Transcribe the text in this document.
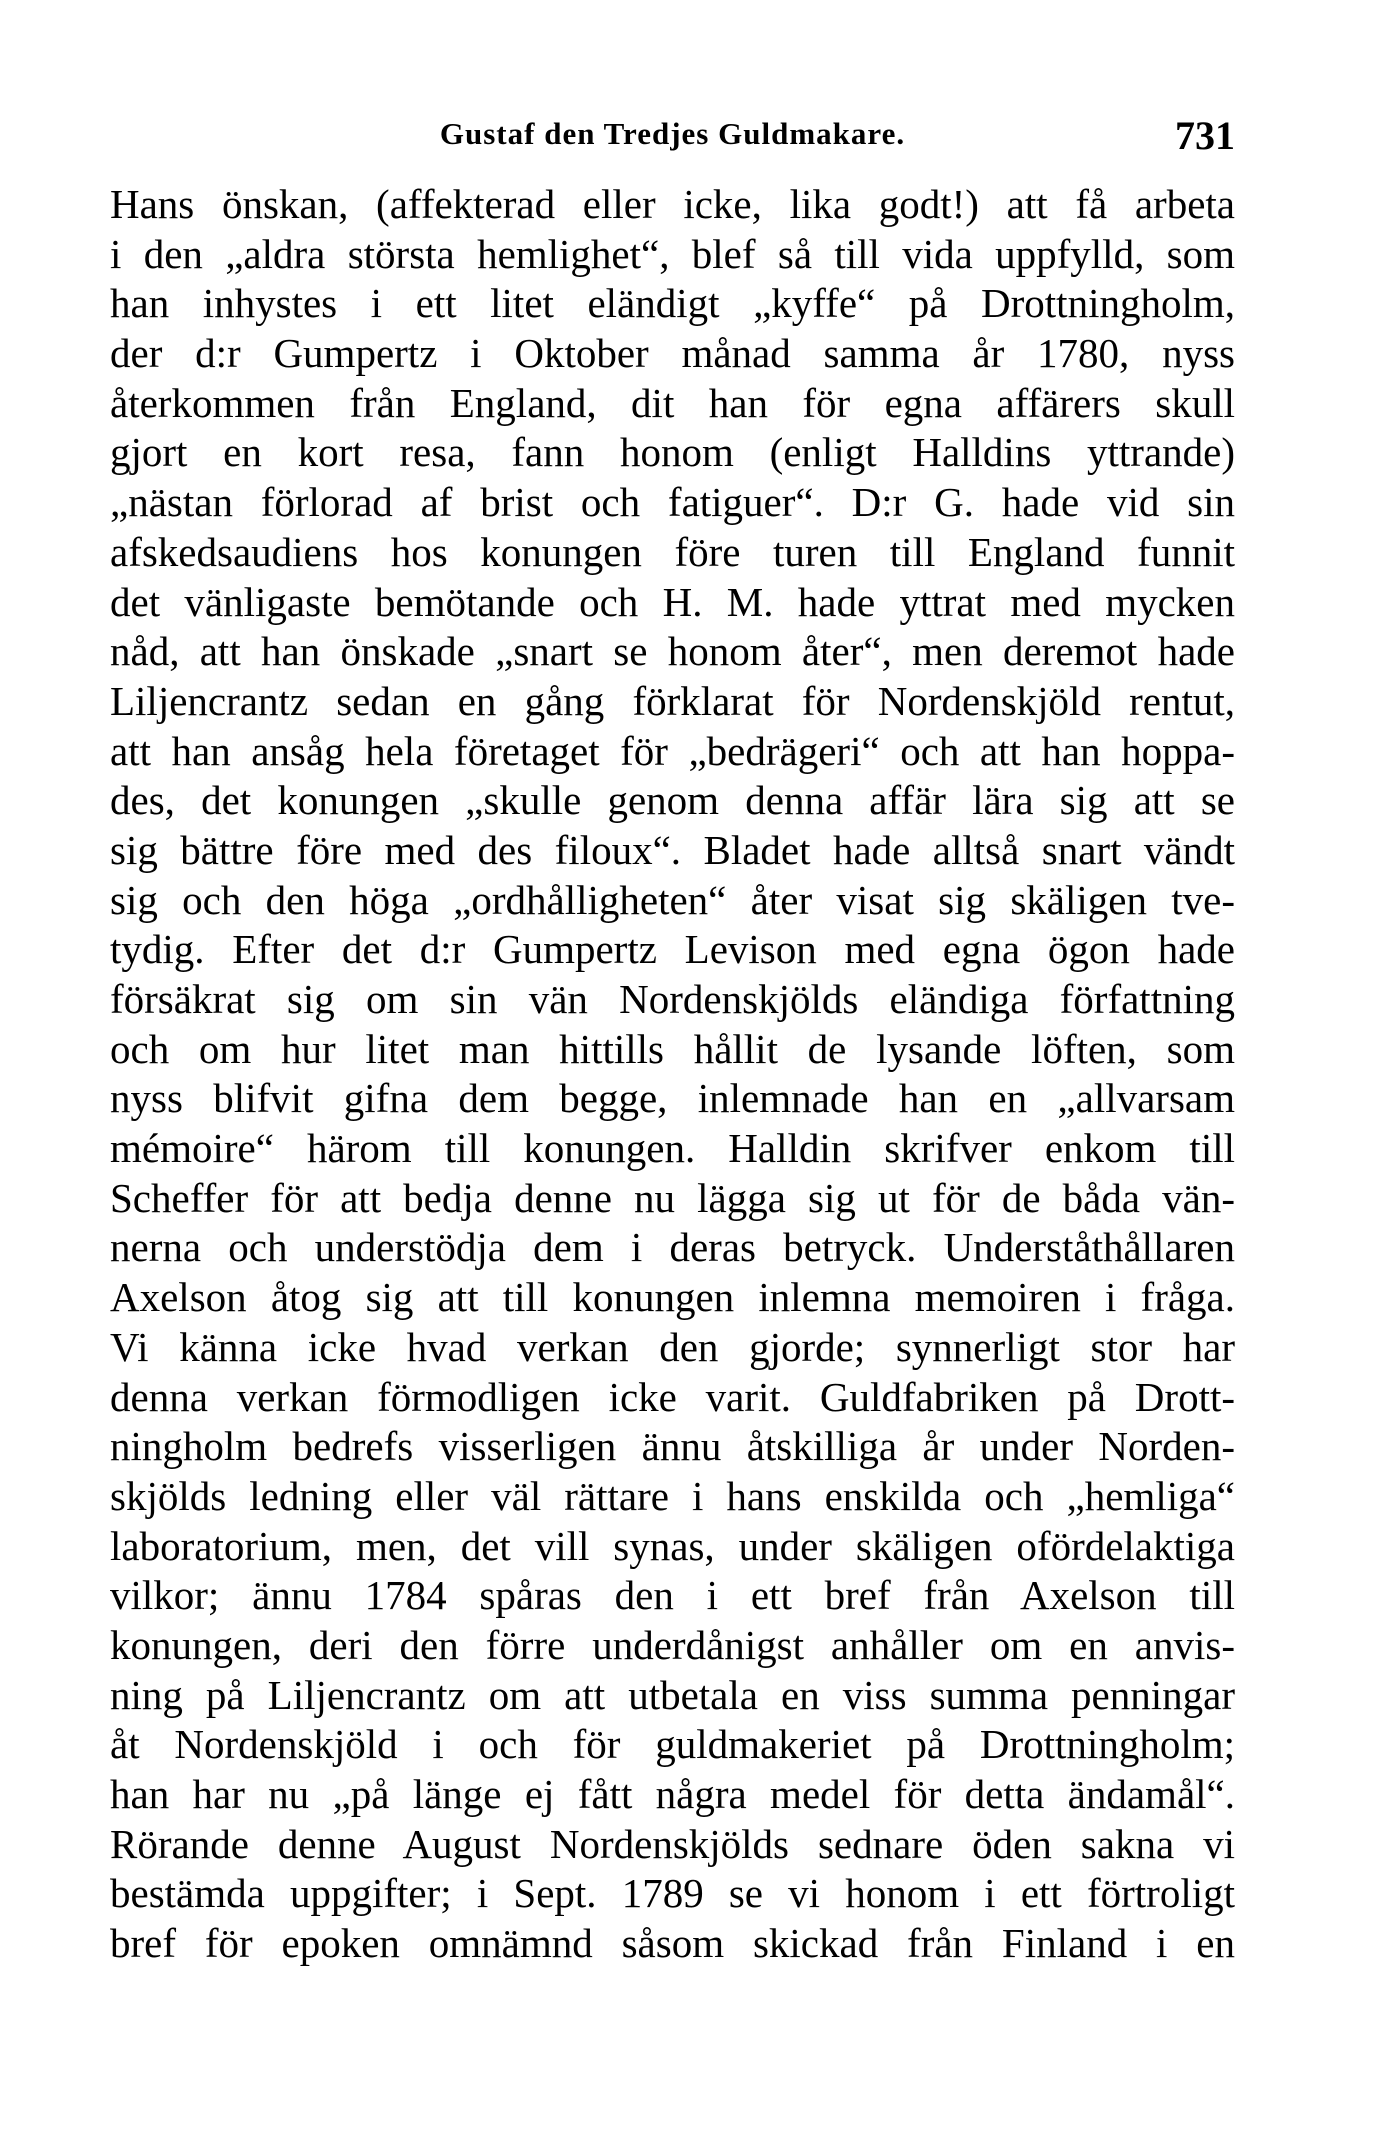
Gustaf den Tredjes Guldmakare.	731
Hans önskan, (affekterad eller icke, lika godt!) att få arbeta
i den „aldra största hemlighet“, blef så till vida uppfylld, som
han inhystes i ett litet eländigt „kyffe“ på Drottningholm,
der d:r Gumpertz i Oktober månad samma år 1780, nyss
återkommen från England, dit han för egna affärers skull
gjort en kort resa, fann honom (enligt Halldins yttrande)
„nästan förlorad af brist och fatiguer“. D:r G. hade vid sin
afskedsaudiens hos konungen före turen till England funnit
det vänligaste bemötande och H. M. hade yttrat med mycken
nåd, att han önskade „snart se honom åter“, men deremot hade
Liljencrantz sedan en gång förklarat för Nordenskjöld rentut,
att han ansåg hela företaget för „bedrägeri“ och att han hoppa-
des, det konungen „skulle genom denna affär lära sig att se
sig bättre före med des filoux“. Bladet hade alltså snart vändt
sig och den höga „ordhålligheten“ åter visat sig skäligen tve-
tydig. Efter det d:r Gumpertz Levison med egna ögon hade
försäkrat sig om sin vän Nordenskjölds eländiga författning
och om hur litet man hittills hållit de lysande löften, som
nyss blifvit gifna dem begge, inlemnade han en „allvarsam
mémoire“ härom till konungen. Halldin skrifver enkom till
Scheffer för att bedja denne nu lägga sig ut för de båda vän-
nerna och understödja dem i deras betryck. Underståthållaren
Axelson åtog sig att till konungen inlemna memoiren i fråga.
Vi känna icke hvad verkan den gjorde; synnerligt stor har
denna verkan förmodligen icke varit. Guldfabriken på Drott-
ningholm bedrefs visserligen ännu åtskilliga år under Norden-
skjölds ledning eller väl rättare i hans enskilda och „hemliga“
laboratorium, men, det vill synas, under skäligen ofördelaktiga
vilkor; ännu 1784 spåras den i ett bref från Axelson till
konungen, deri den förre underdånigst anhåller om en anvis-
ning på Liljencrantz om att utbetala en viss summa penningar
åt Nordenskjöld i och för guldmakeriet på Drottningholm;
han har nu „på länge ej fått några medel för detta ändamål“.
Rörande denne August Nordenskjölds sednare öden sakna vi
bestämda uppgifter; i Sept. 1789 se vi honom i ett förtroligt
bref för epoken omnämnd såsom skickad från Finland i en
